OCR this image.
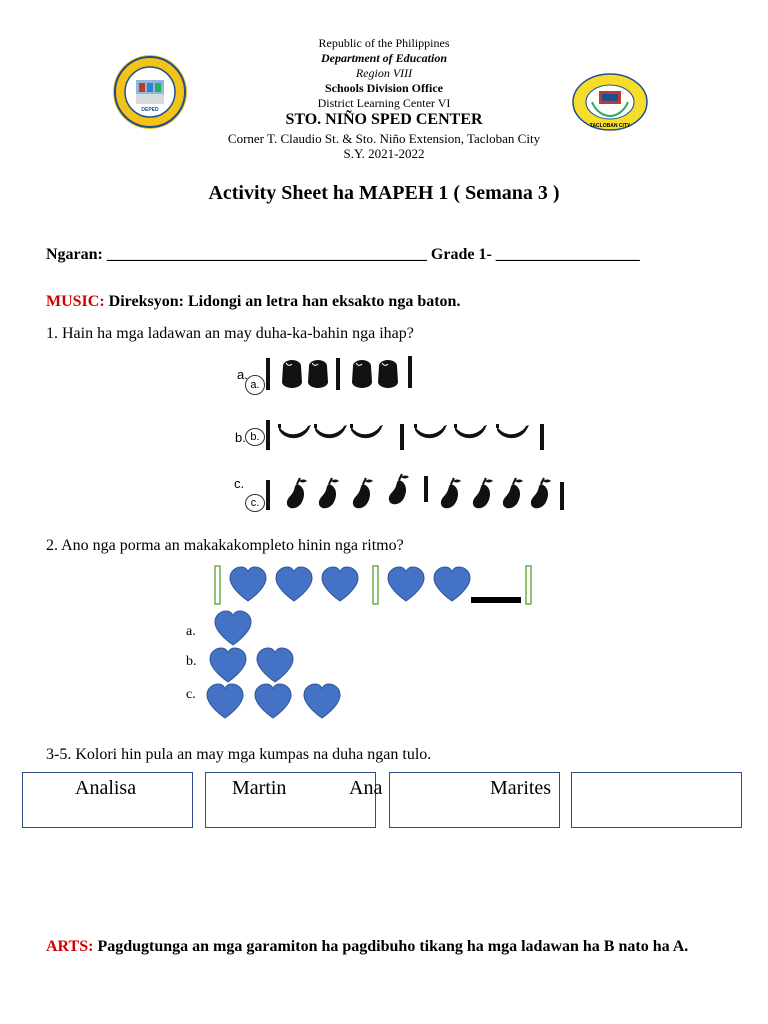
DEPED
TACLOBAN CITY
Republic of the Philippines
Department of Education
Region VIII
Schools Division Office
District Learning Center VI
STO. NIÑO SPED CENTER
Corner T. Claudio St. & Sto. Niño Extension, Tacloban City
S.Y. 2021-2022
Activity Sheet ha MAPEH 1 ( Semana 3 )
Ngaran: ________________________________________ Grade 1- __________________
MUSIC: Direksyon: Lidongi an letra han eksakto nga baton.
1. Hain ha mga ladawan an may duha-ka-bahin nga ihap?
a.
a.
b. b.
c.
c.
2. Ano nga porma an makakakompleto hinin nga ritmo?
a.
b.
c.
3-5. Kolori hin pula an may mga kumpas na duha ngan tulo.
Analisa	Martin	Ana	Marites
ARTS: Pagdugtunga an mga garamiton ha pagdibuho tikang ha mga ladawan ha B nato ha A.
